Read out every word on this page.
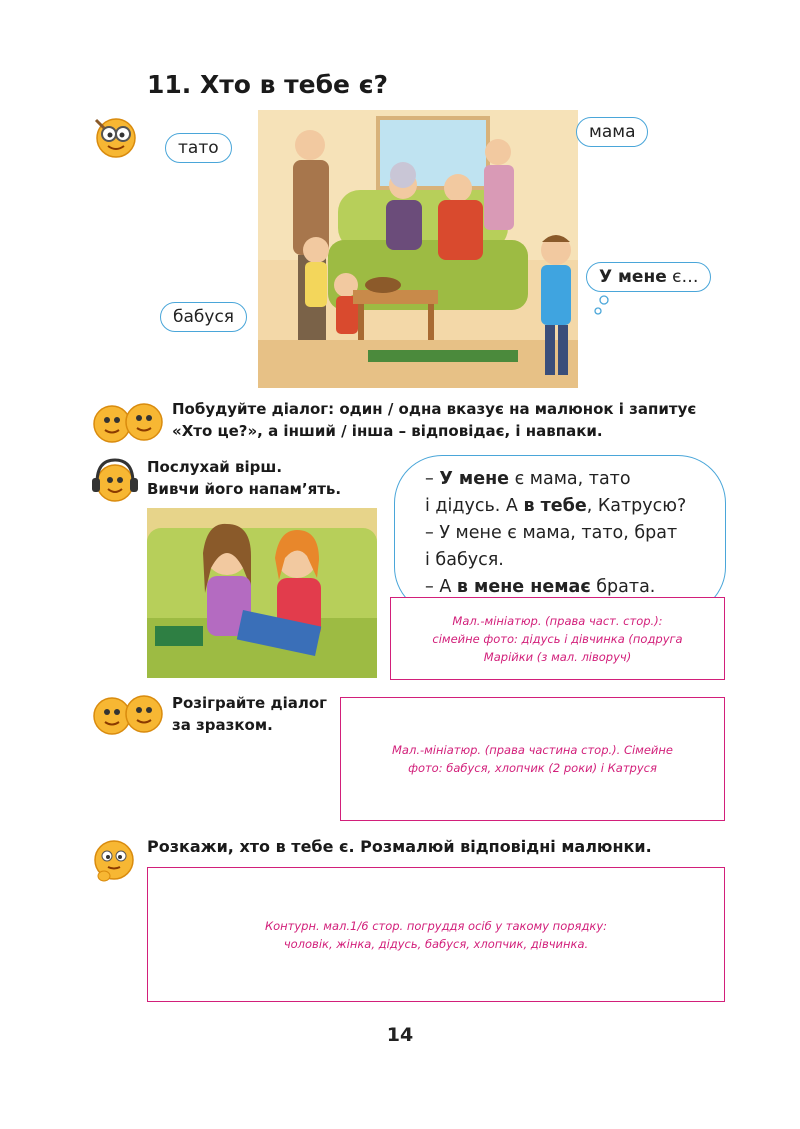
11. Хто в тебе є?
тато
мама
бабуся
У мене є…
Побудуйте діалог: один / одна вказує на малюнок і запитує
«Хто це?», а інший / інша – відповідає, і навпаки.
Послухай вірш.
Вивчи його напам’ять.	– У мене є мама, тато

і дідусь. А в тебе, Катрусю?

– У мене є мама, тато, брат

і бабуся.

– А в мене немає брата.

Мал.-мініатюр. (права част. стор.):
сімейне фото: дідусь і дівчинка (подруга
Марійки (з мал. ліворуч)
Розіграйте діалог
за зразком.
Мал.-мініатюр. (права частина стор.). Сімейне
фото: бабуся, хлопчик (2 роки) і Катруся
Розкажи, хто в тебе є. Розмалюй відповідні малюнки.
Контурн. мал.1/6 стор. погруддя осіб у такому порядку:
чоловік, жінка, дідусь, бабуся, хлопчик, дівчинка.
14
